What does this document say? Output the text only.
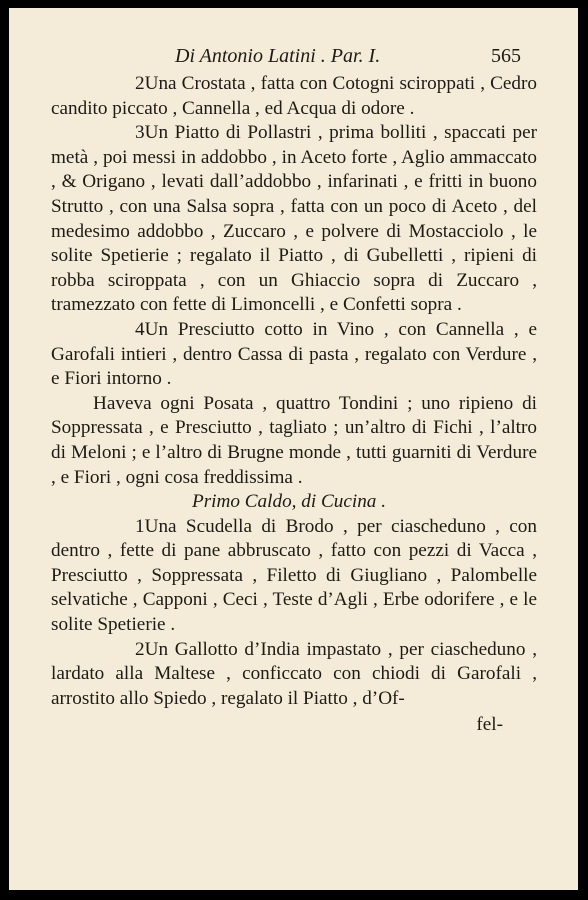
Di Antonio Latini . Par. I.	565

2Una Crostata , fatta con Cotogni sciroppati , Cedro candito piccato , Cannella , ed Acqua di odore .

3Un Piatto di Pollastri , prima bolliti , spaccati per metà , poi messi in addobbo , in Aceto forte , Aglio ammaccato , & Origano , levati dall’addobbo , infarinati , e fritti in buono Strutto , con una Salsa sopra , fatta con un poco di Aceto , del medesimo addobbo , Zuccaro , e polvere di Mostacciolo , le solite Spetierie ; regalato il Piatto , di Gubelletti , ripieni di robba sciroppata , con un Ghiaccio sopra di Zuccaro , tramezzato con fette di Limoncelli , e Confetti sopra .

4Un Presciutto cotto in Vino , con Cannella , e Garofali intieri , dentro Cassa di pasta , regalato con Verdure , e Fiori intorno .

Haveva ogni Posata , quattro Tondini ; uno ripieno di Soppressata , e Presciutto , tagliato ; un’altro di Fichi , l’altro di Meloni ; e l’altro di Brugne monde , tutti guarniti di Verdure , e Fiori , ogni cosa freddissima .

Primo Caldo, di Cucina .

1Una Scudella di Brodo , per ciascheduno , con dentro , fette di pane abbruscato , fatto con pezzi di Vacca , Presciutto , Soppressata , Filetto di Giugliano , Palombelle selvatiche , Capponi , Ceci , Teste d’Agli , Erbe odorifere , e le solite Spetierie .

2Un Gallotto d’India impastato , per ciascheduno , lardato alla Maltese , conficcato con chiodi di Garofali , arrostito allo Spiedo , regalato il Piatto , d’Of-

fel-
